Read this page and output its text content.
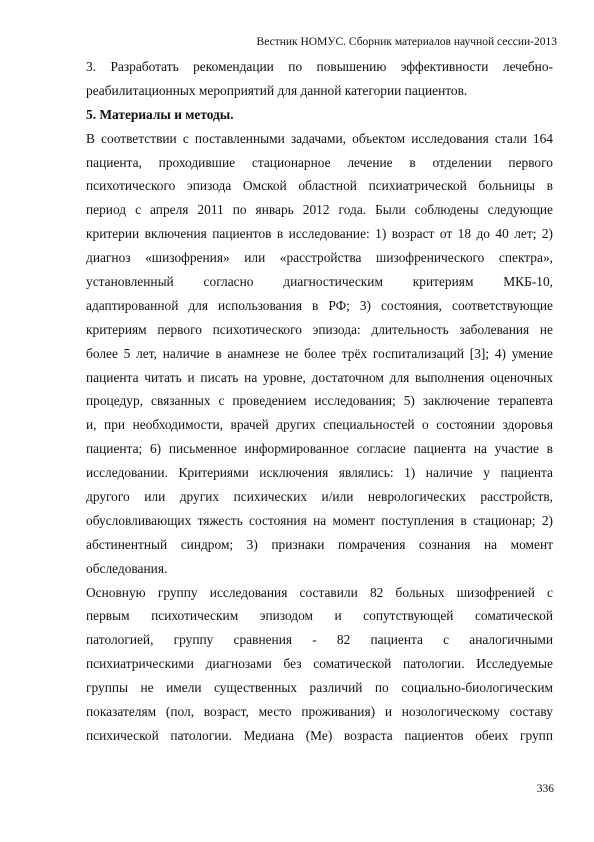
Вестник НОМУС. Сборник материалов научной сессии-2013
3. Разработать рекомендации по повышению эффективности лечебно-
реабилитационных мероприятий для данной категории пациентов.
5. Материалы и методы.
В соответствии с поставленными задачами, объектом исследования стали 164
пациента, проходившие стационарное лечение в отделении первого
психотического эпизода Омской областной психиатрической больницы в
период с апреля 2011 по январь 2012 года. Были соблюдены следующие
критерии включения пациентов в исследование: 1) возраст от 18 до 40 лет; 2)
диагноз «шизофрения» или «расстройства шизофренического спектра»,
установленный согласно диагностическим критериям МКБ-10,
адаптированной для использования в РФ; 3) состояния, соответствующие
критериям первого психотического эпизода: длительность заболевания не
более 5 лет, наличие в анамнезе не более трёх госпитализаций [3]; 4) умение
пациента читать и писать на уровне, достаточном для выполнения оценочных
процедур, связанных с проведением исследования; 5) заключение терапевта
и, при необходимости, врачей других специальностей о состоянии здоровья
пациента; 6) письменное информированное согласие пациента на участие в
исследовании. Критериями исключения являлись: 1) наличие у пациента
другого или других психических и/или неврологических расстройств,
обусловливающих тяжесть состояния на момент поступления в стационар; 2)
абстинентный синдром; 3) признаки помрачения сознания на момент
обследования.
Основную группу исследования составили 82 больных шизофренией с
первым психотическим эпизодом и сопутствующей соматической
патологией, группу сравнения - 82 пациента с аналогичными
психиатрическими диагнозами без соматической патологии. Исследуемые
группы не имели существенных различий по социально-биологическим
показателям (пол, возраст, место проживания) и нозологическому составу
психической патологии. Медиана (Ме) возраста пациентов обеих групп
336
